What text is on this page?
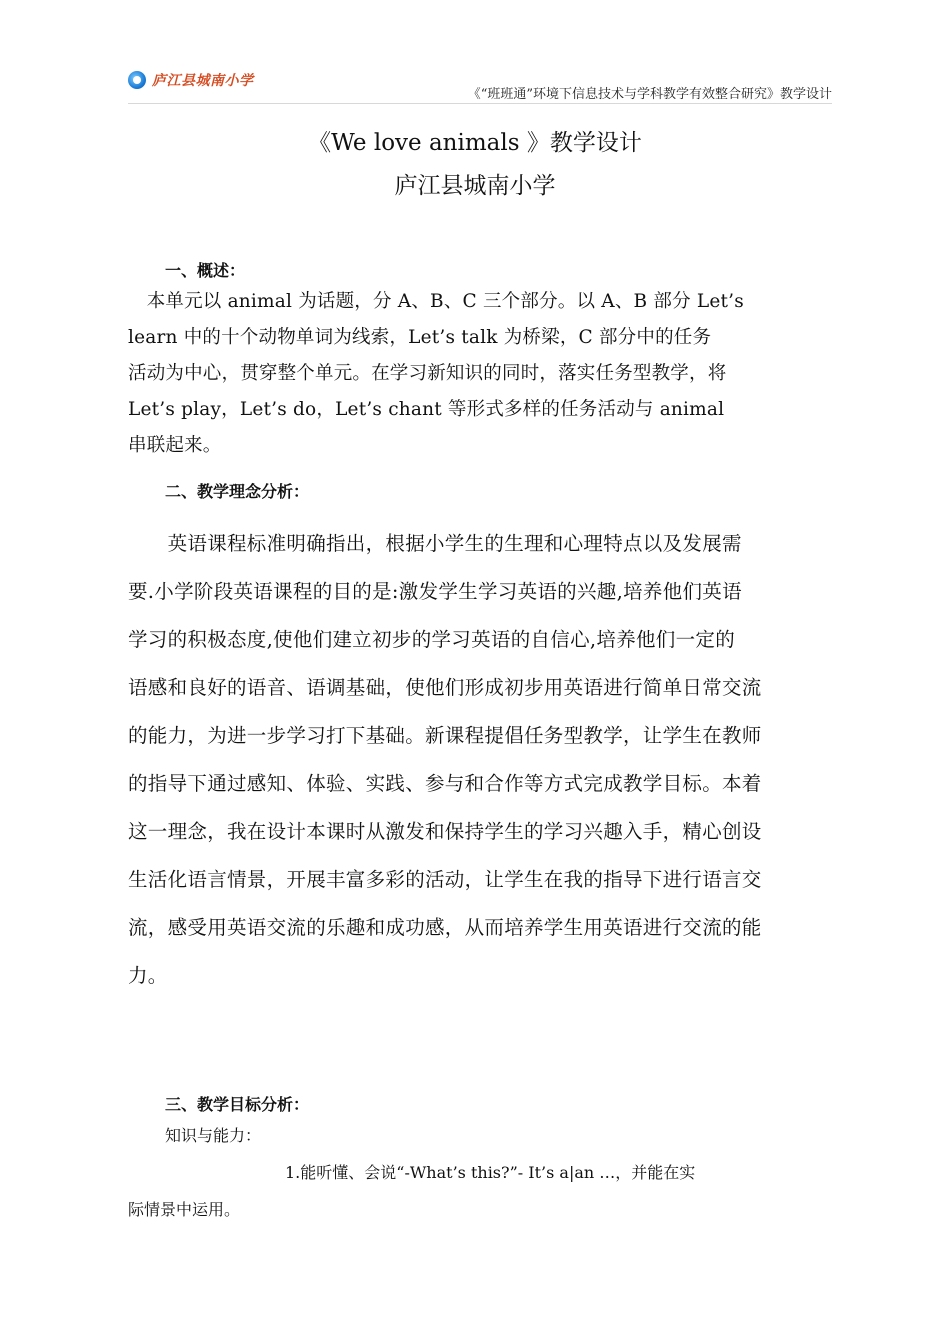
庐江县城南小学
《“班班通”环境下信息技术与学科教学有效整合研究》教学设计
《We love animals 》教学设计
庐江县城南小学
一、概述：
　本单元以 animal 为话题，分 A、B、C 三个部分。以 A、B 部分 Let’s
learn 中的十个动物单词为线索，Let’s talk 为桥梁，C 部分中的任务
活动为中心，贯穿整个单元。在学习新知识的同时，落实任务型教学，将
Let’s play，Let’s do，Let’s chant 等形式多样的任务活动与 animal
串联起来。
二、教学理念分析：
　　英语课程标准明确指出，根据小学生的生理和心理特点以及发展需
要.小学阶段英语课程的目的是:激发学生学习英语的兴趣,培养他们英语
学习的积极态度,使他们建立初步的学习英语的自信心,培养他们一定的
语感和良好的语音、语调基础，使他们形成初步用英语进行简单日常交流
的能力，为进一步学习打下基础。新课程提倡任务型教学，让学生在教师
的指导下通过感知、体验、实践、参与和合作等方式完成教学目标。本着
这一理念，我在设计本课时从激发和保持学生的学习兴趣入手，精心创设
生活化语言情景，开展丰富多彩的活动，让学生在我的指导下进行语言交
流，感受用英语交流的乐趣和成功感，从而培养学生用英语进行交流的能
力。
三、教学目标分析：
知识与能力：
1.能听懂、会说“-What’s this?”- It’s a|an …，并能在实
际情景中运用。
